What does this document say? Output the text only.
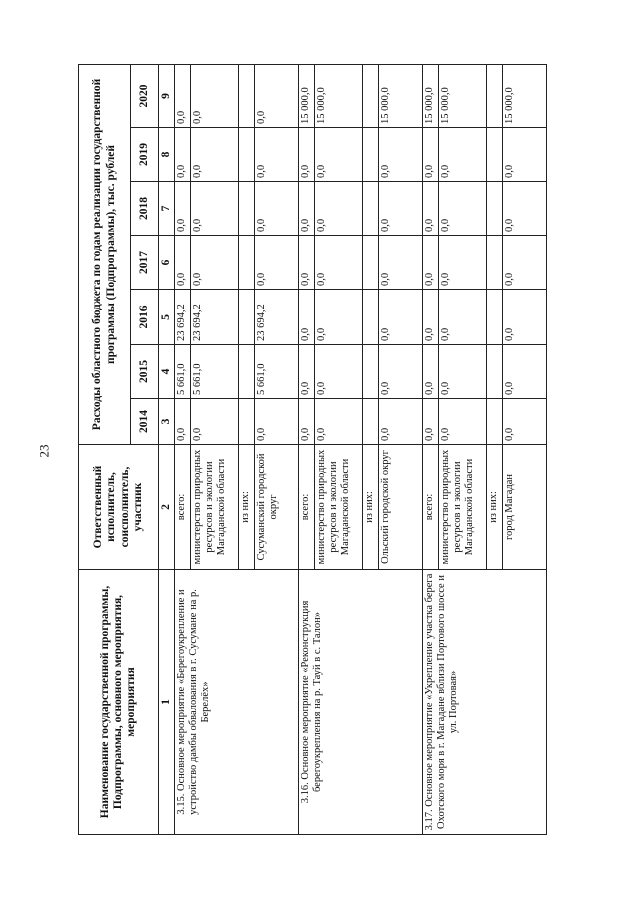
23
Наименование государственной программы, Подпрограммы, основного мероприятия, мероприятия	Ответственный исполнитель, соисполнитель, участник	Расходы областного бюджета по годам реализации государственной программы (Подпрограммы), тыс. рублей						
		2014	2015	2016	2017	2018	2019	2020
1	2	3	4	5	6	7	8	9
3.15. Основное мероприятие «Берегоукрепление и устройство дамбы обвалования в г. Сусумане на р. Берелёх»	всего:	0,0	5 661,0	23 694,2	0,0	0,0	0,0	0,0
	министерство природных ресурсов и экологии Магаданской области	0,0	5 661,0	23 694,2	0,0	0,0	0,0	0,0
	из них:							
	Сусуманский городской округ	0,0	5 661,0	23 694,2	0,0	0,0	0,0	0,0
3.16. Основное мероприятие «Реконструкция берегоукрепления на р. Тауй в с. Талон»	всего:	0,0	0,0	0,0	0,0	0,0	0,0	15 000,0
	министерство природных ресурсов и экологии Магаданской области	0,0	0,0	0,0	0,0	0,0	0,0	15 000,0
	из них:							
	Ольский городской округ	0,0	0,0	0,0	0,0	0,0	0,0	15 000,0
3.17. Основное мероприятие «Укрепление участка берега Охотского моря в г. Магадане вблизи Портового шоссе и ул. Портовая»	всего:	0,0	0,0	0,0	0,0	0,0	0,0	15 000,0
	министерство природных ресурсов и экологии Магаданской области	0,0	0,0	0,0	0,0	0,0	0,0	15 000,0
	из них:							
	город Магадан	0,0	0,0	0,0	0,0	0,0	0,0	15 000,0
